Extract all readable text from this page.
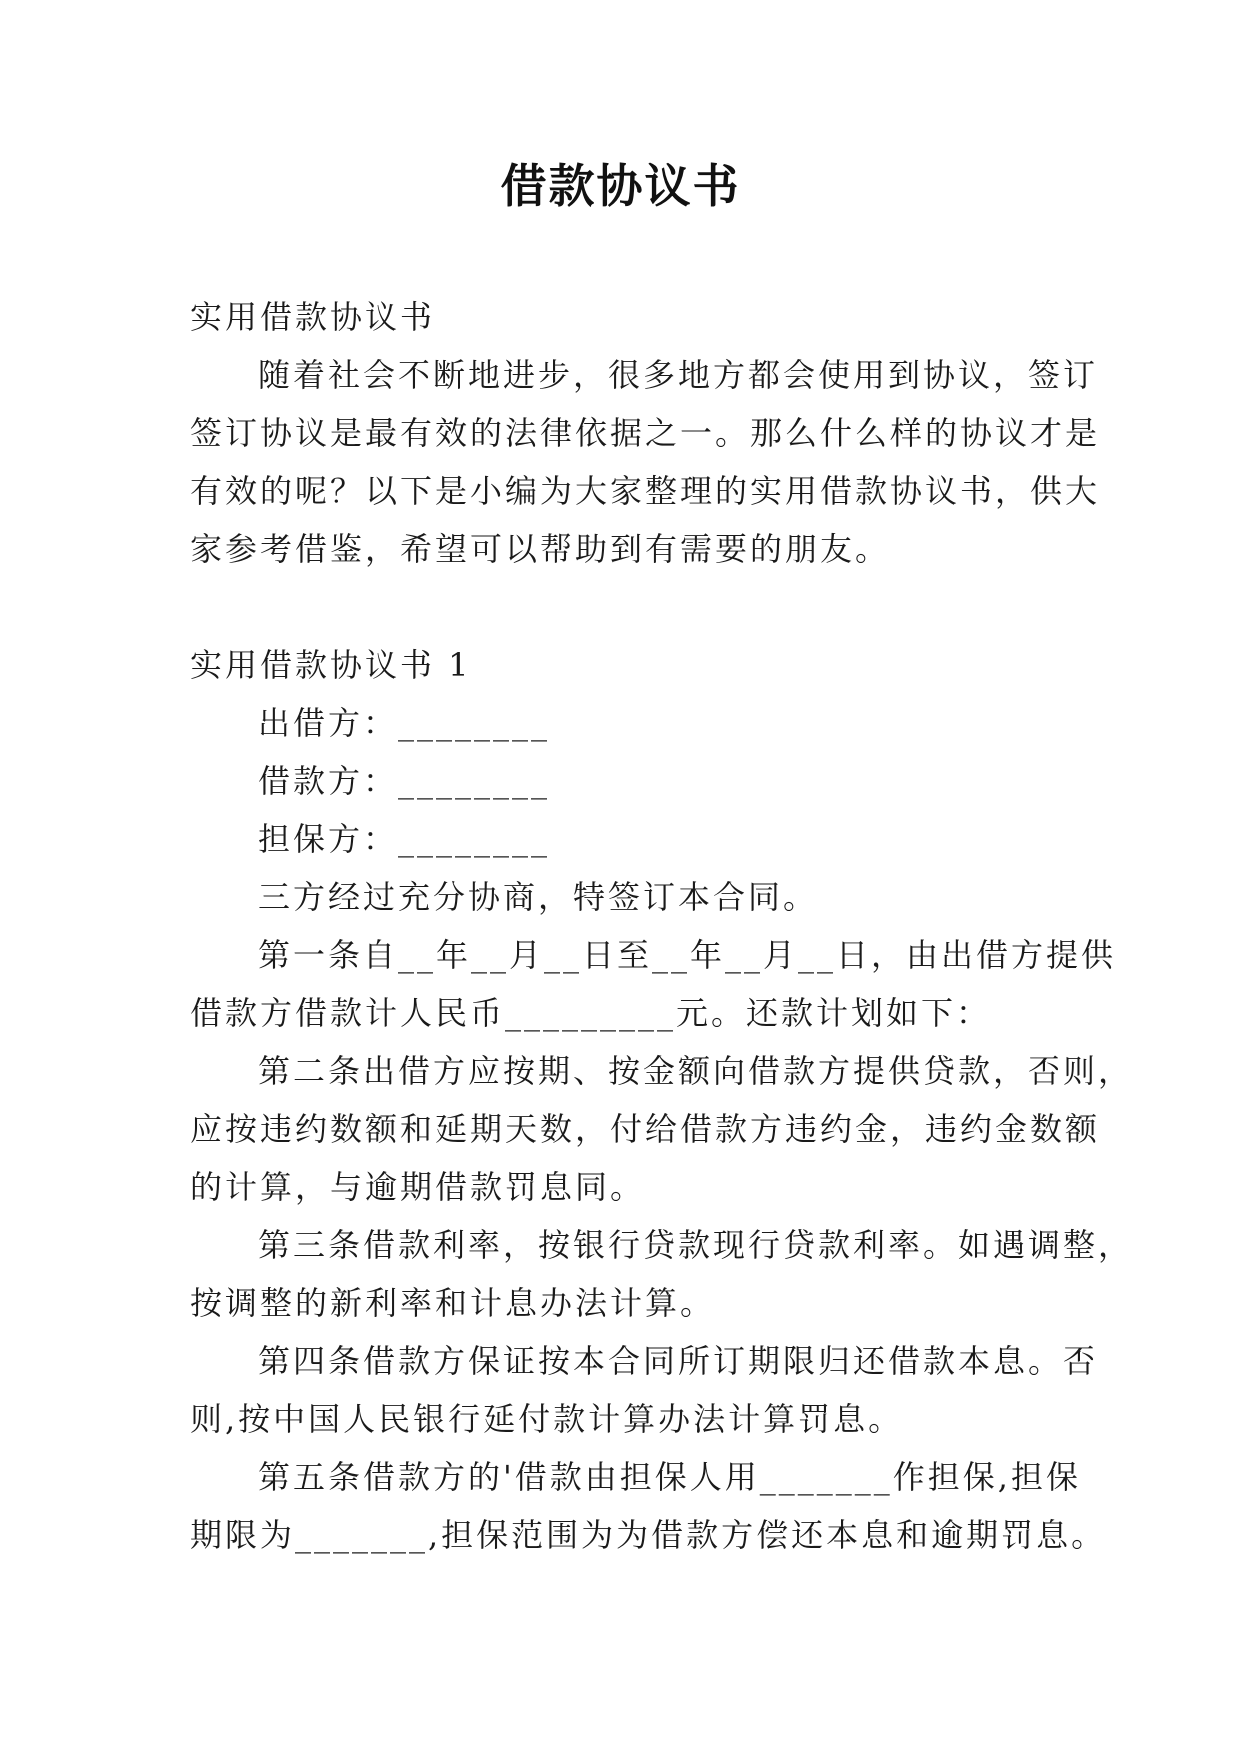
借款协议书

实用借款协议书

随着社会不断地进步，很多地方都会使用到协议，签订

签订协议是最有效的法律依据之一。那么什么样的协议才是

有效的呢？以下是小编为大家整理的实用借款协议书，供大

家参考借鉴，希望可以帮助到有需要的朋友。

实用借款协议书 1

出借方：________

借款方：________

担保方：________

三方经过充分协商，特签订本合同。

第一条自__年__月__日至__年__月__日，由出借方提供

借款方借款计人民币_________元。还款计划如下：

第二条出借方应按期、按金额向借款方提供贷款，否则，

应按违约数额和延期天数，付给借款方违约金，违约金数额

的计算，与逾期借款罚息同。

第三条借款利率，按银行贷款现行贷款利率。如遇调整，

按调整的新利率和计息办法计算。

第四条借款方保证按本合同所订期限归还借款本息。否

则,按中国人民银行延付款计算办法计算罚息。

第五条借款方的'借款由担保人用_______作担保,担保

期限为_______,担保范围为为借款方偿还本息和逾期罚息。
